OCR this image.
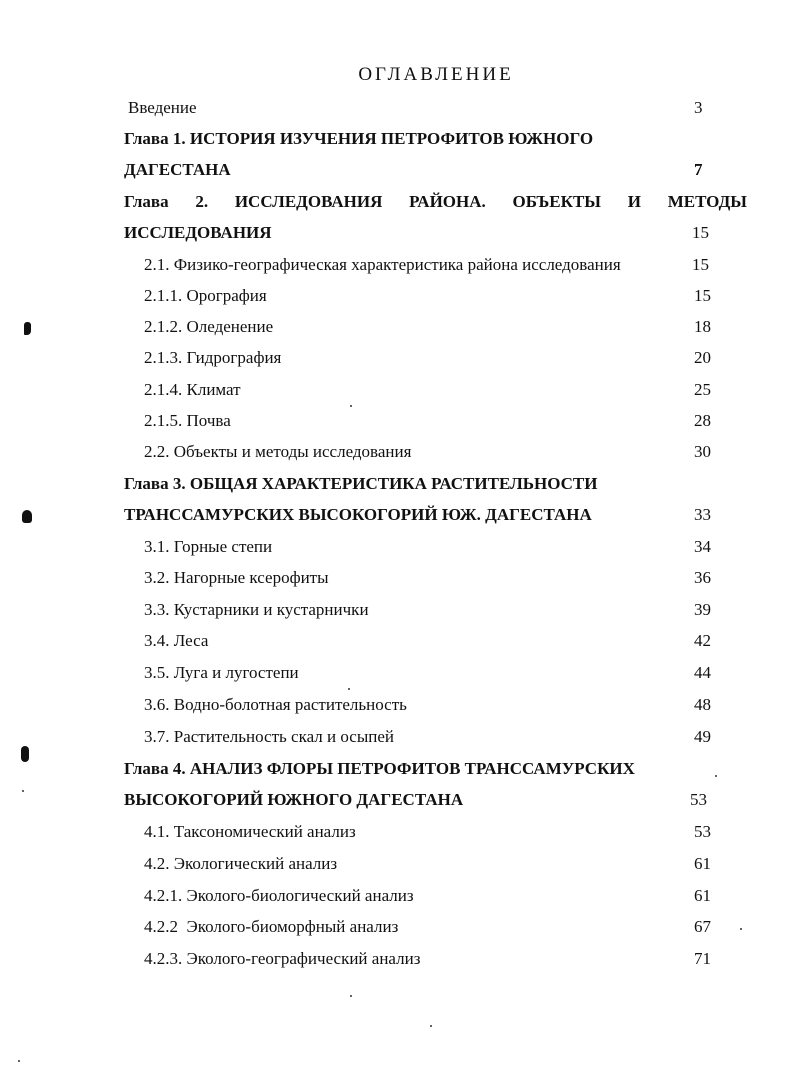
ОГЛАВЛЕНИЕ
Введение	3
Глава 1. ИСТОРИЯ ИЗУЧЕНИЯ ПЕТРОФИТОВ ЮЖНОГО
ДАГЕСТАНА	7
Глава 2. ИССЛЕДОВАНИЯ РАЙОНА. ОБЪЕКТЫ И МЕТОДЫ
ИССЛЕДОВАНИЯ	15
2.1. Физико-географическая характеристика района исследования	15
2.1.1. Орография	15
2.1.2. Оледенение	18
2.1.3. Гидрография	20
2.1.4. Климат	25
2.1.5. Почва	28
2.2. Объекты и методы исследования	30
Глава 3. ОБЩАЯ ХАРАКТЕРИСТИКА РАСТИТЕЛЬНОСТИ
ТРАНССАМУРСКИХ ВЫСОКОГОРИЙ ЮЖ. ДАГЕСТАНА	33
3.1. Горные степи	34
3.2. Нагорные ксерофиты	36
3.3. Кустарники и кустарнички	39
3.4. Леса	42
3.5. Луга и лугостепи	44
3.6. Водно-болотная растительность	48
3.7. Растительность скал и осыпей	49
Глава 4. АНАЛИЗ ФЛОРЫ ПЕТРОФИТОВ ТРАНССАМУРСКИХ
ВЫСОКОГОРИЙ ЮЖНОГО ДАГЕСТАНА	53
4.1. Таксономический анализ	53
4.2. Экологический анализ	61
4.2.1. Эколого-биологический анализ	61
4.2.2  Эколого-биоморфный анализ	67
4.2.3. Эколого-географический анализ	71
